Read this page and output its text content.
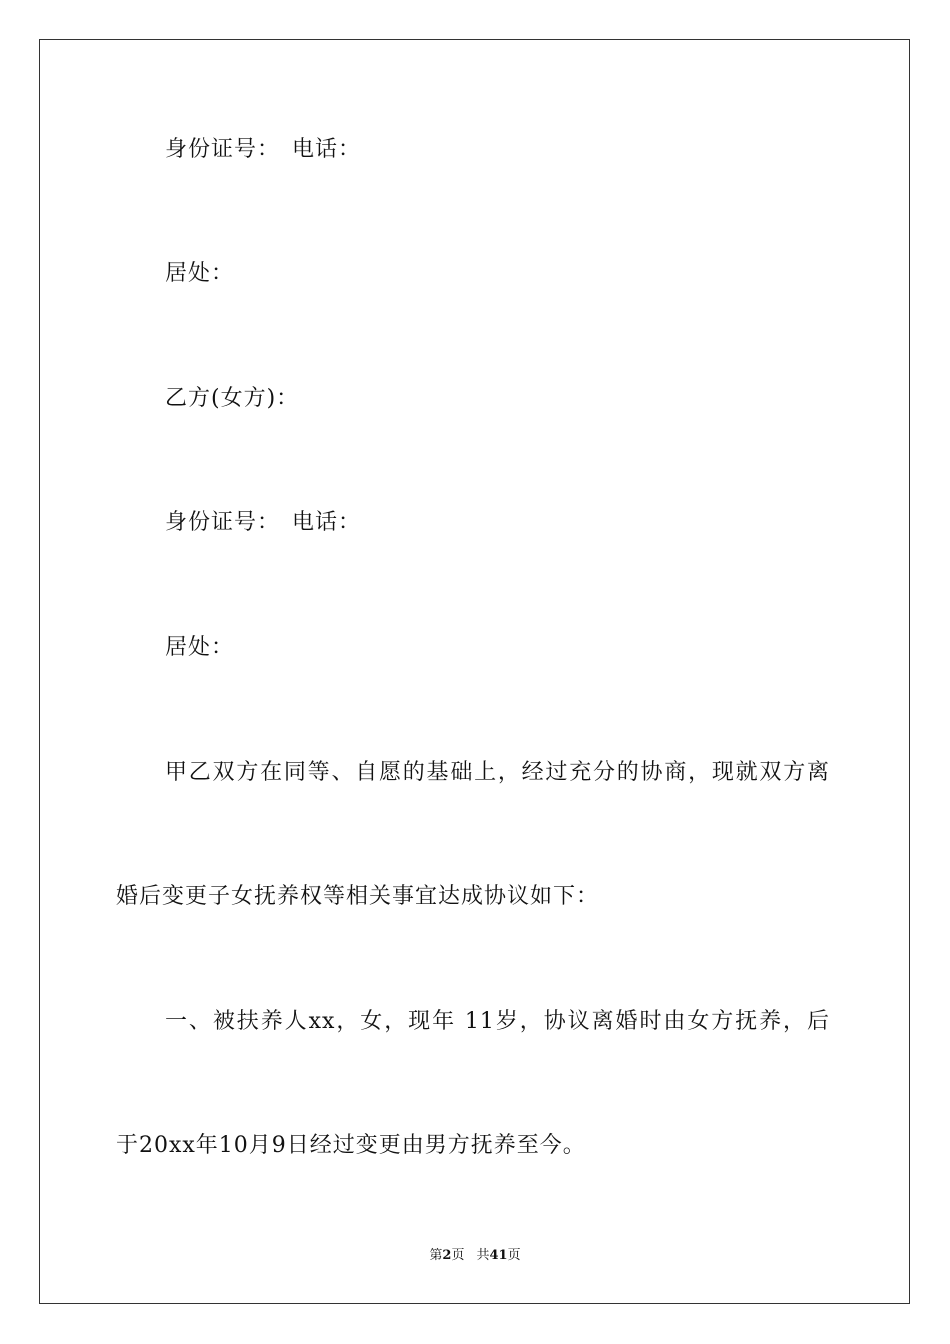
身份证号：　电话：
居处：
乙方(女方)：
身份证号：　电话：
居处：
甲乙双方在同等、自愿的基础上，经过充分的协商，现就双方离
婚后变更子女抚养权等相关事宜达成协议如下：
一、被扶养人xx，女，现年 11岁，协议离婚时由女方抚养，后
于20xx年10月9日经过变更由男方抚养至今。
第2页 共41页
